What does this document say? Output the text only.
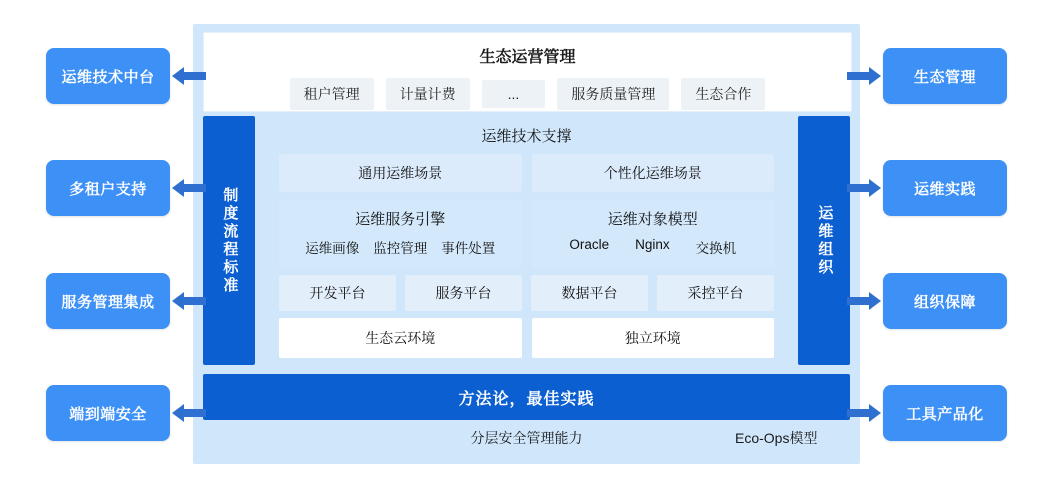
生态运营管理
租户管理	计量计费	...	服务质量管理	生态合作
制度流程标准	运维组织
运维技术支撑
通用运维场景	个性化运维场景
运维服务引擎
运维画像 监控管理 事件处置
运维对象模型
Oracle Nginx 交换机
开发平台	服务平台	数据平台	采控平台
生态云环境	独立环境
方法论，最佳实践
分层安全管理能力	Eco-Ops模型
运维技术中台
多租户支持
服务管理集成
端到端安全
生态管理
运维实践
组织保障
工具产品化
